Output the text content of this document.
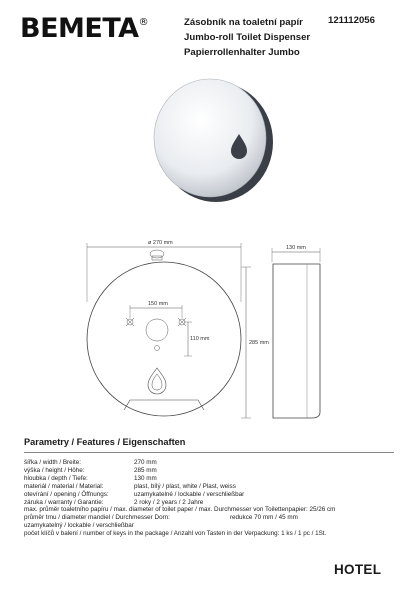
BEMETA®	Zásobník na toaletní papír
Jumbo-roll Toilet Dispenser
Papierrollenhalter Jumbo
121112056
ø 270 mm
150 mm
110 mm
285 mm
130 mm
Parametry / Features / Eigenschaften
šířka / width / Breite:	270 mm
výška / height / Höhe:	285 mm
hloubka / depth / Tiefe:	130 mm
materiál / material / Material:	plast, bílý / plast, white / Plast, weiss
otevírání / opening / Öffnungs:	uzamykatelné / lockable / verschließbar
záruka / warranty / Garantie:	2 roky / 2 years / 2 Jahre
max. průměr toaletního papíru / max. diameter of toilet paper / max. Durchmesser von Toilettenpapier: 25/26 cm
průměr trnu / diameter mandiel / Durchmesser Dorn:	redukce 70 mm / 45 mm
uzamykatelný / lockable / verschließbar
počet klíčů v balení / number of keys in the package / Anzahl von Tasten in der Verpackung: 1 ks / 1 pc / 1St.
HOTEL
